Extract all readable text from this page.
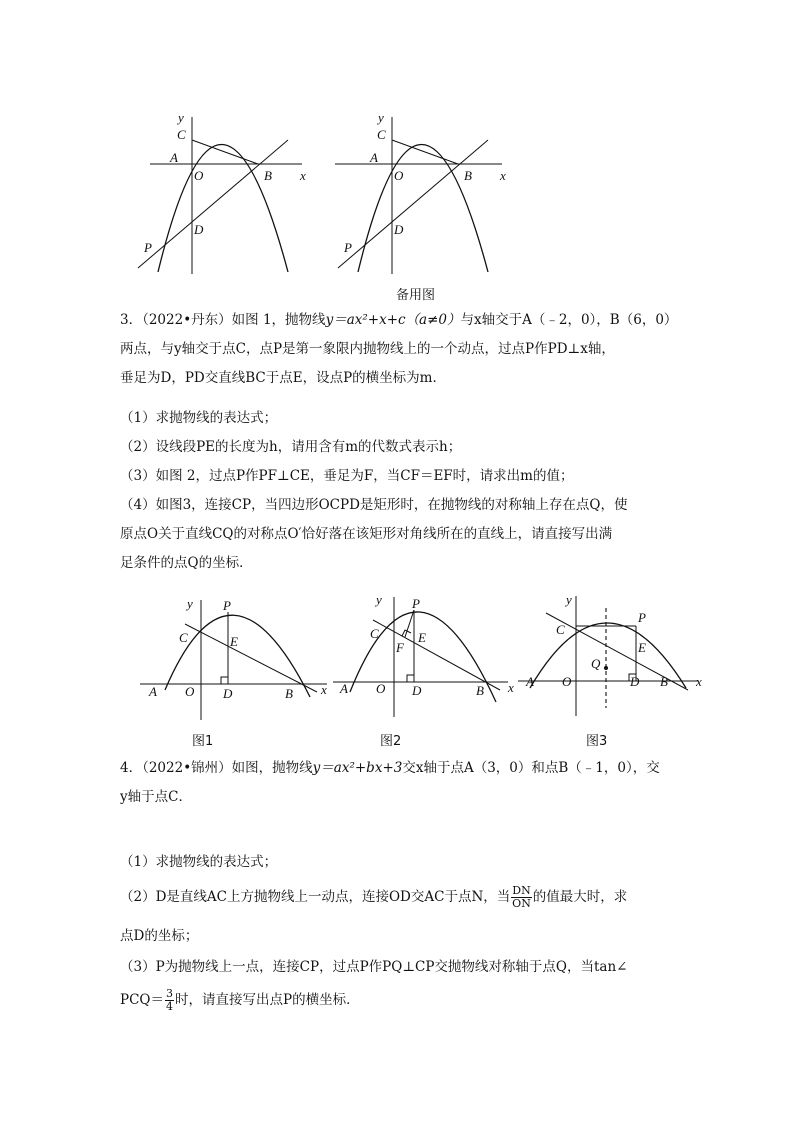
y
C
A
O	B x
D
P
y
C
A
O	B x
D
P
备用图
3．（2022•丹东）如图 1，抛物线y＝ax²+x+c（a≠0）与x轴交于A（﹣2，0），B（6，0）
两点，与y轴交于点C，点P是第一象限内抛物线上的一个动点，过点P作PD⊥x轴，
垂足为D，PD交直线BC于点E，设点P的横坐标为m．
（1）求抛物线的表达式；
（2）设线段PE的长度为h，请用含有m的代数式表示h；
（3）如图 2，过点P作PF⊥CE，垂足为F，当CF＝EF时，请求出m的值；
（4）如图3，连接CP，当四边形OCPD是矩形时，在抛物线的对称轴上存在点Q，使
原点O关于直线CQ的对称点O′恰好落在该矩形对角线所在的直线上，请直接写出满
足条件的点Q的坐标．
y P
C	E
A O D	B x
y P
C	E
F
A O D	B x
y
P
C
E
Q
A O	D B x
图1	图2	图3
4．（2022•锦州）如图，抛物线y＝ax²+bx+3交x轴于点A（3，0）和点B（﹣1，0），交
y轴于点C．
（1）求抛物线的表达式；
（2）D是直线AC上方抛物线上一动点，连接OD交AC于点N，当 $\frac{DN}{ON}$ 的值最大时，求
点D的坐标；
（3）P为抛物线上一点，连接CP，过点P作PQ⊥CP交抛物线对称轴于点Q，当tan∠
$PCQ= \frac{3}{4}$ 时，请直接写出点P的横坐标．
